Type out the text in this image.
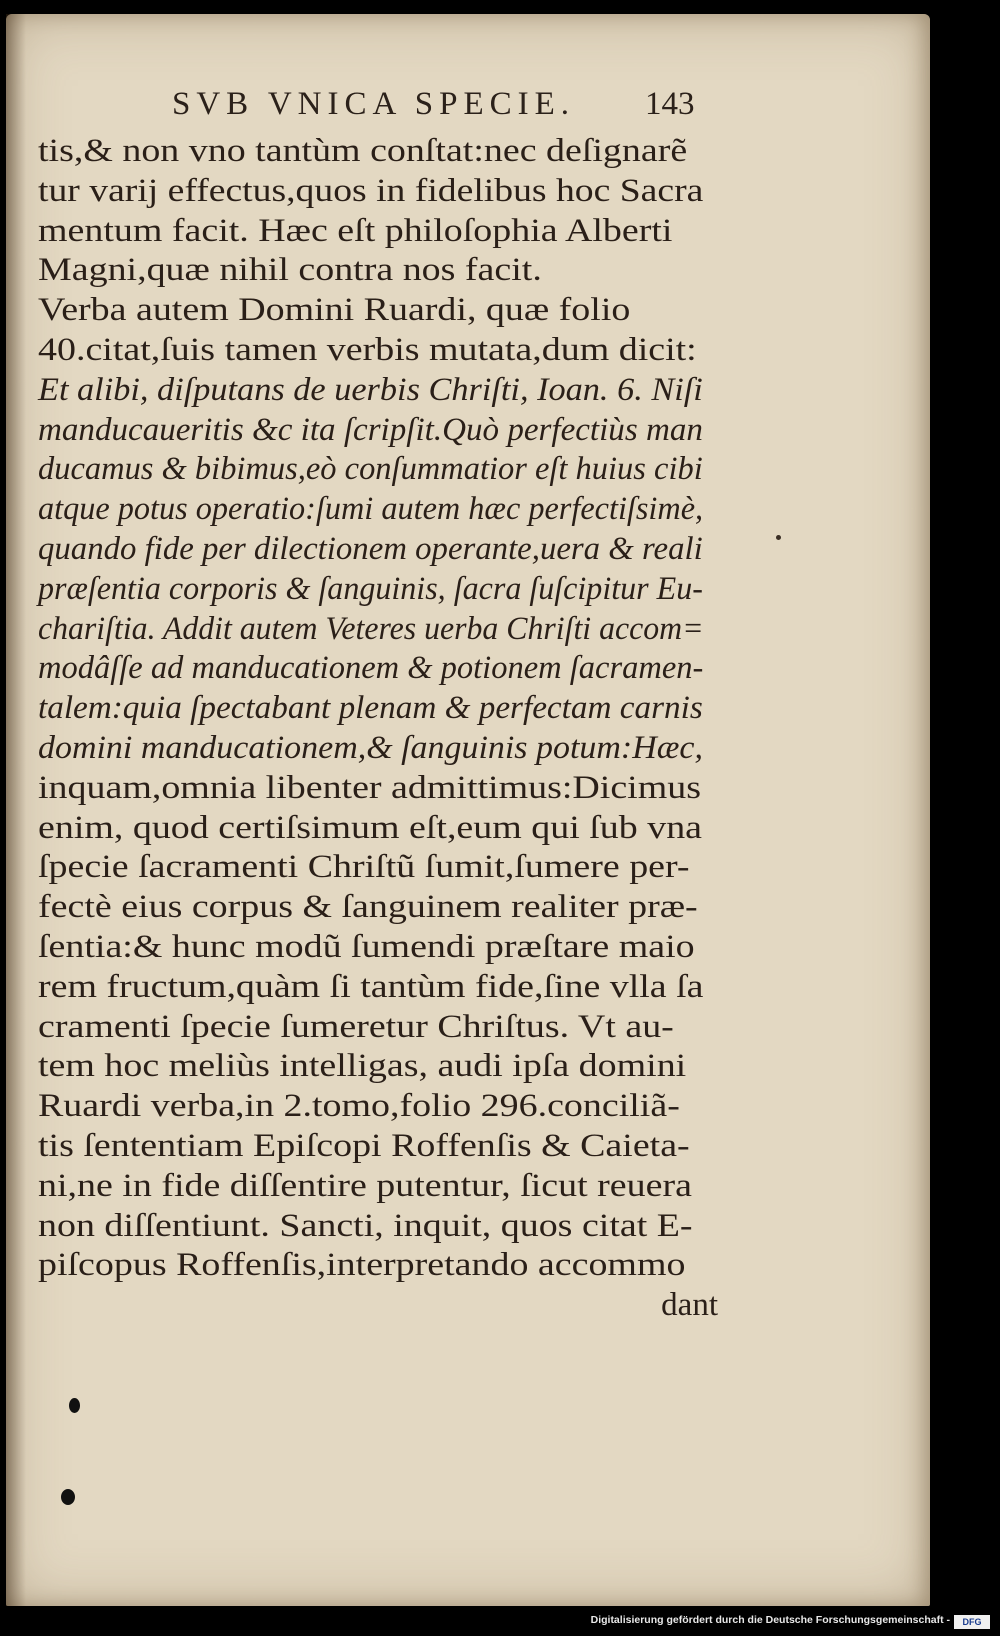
SVB VNICA SPECIE. 143
tis,& non vno tantùm conſtat:nec deſignarẽ
tur varij effectus,quos in fidelibus hoc Sacra
mentum facit. Hæc eſt philoſophia Alberti
Magni,quæ nihil contra nos facit.
Verba autem Domini Ruardi, quæ folio
40.citat,ſuis tamen verbis mutata,dum dicit:
Et alibi, diſputans de uerbis Chriſti, Ioan. 6. Niſi
manducaueritis &c ita ſcripſit.Quò perfectiùs man
ducamus & bibimus,eò conſummatior eſt huius cibi
atque potus operatio:ſumi autem hæc perfectiſsimè,
quando fide per dilectionem operante,uera & reali
præſentia corporis & ſanguinis, ſacra ſuſcipitur Eu-
chariſtia. Addit autem Veteres uerba Chriſti accom=
modâſſe ad manducationem & potionem ſacramen-
talem:quia ſpectabant plenam & perfectam carnis
domini manducationem,& ſanguinis potum:Hæc,
inquam,omnia libenter admittimus:Dicimus
enim, quod certiſsimum eſt,eum qui ſub vna
ſpecie ſacramenti Chriſtũ ſumit,ſumere per-
fectè eius corpus & ſanguinem realiter præ-
ſentia:& hunc modũ ſumendi præſtare maio
rem fructum,quàm ſi tantùm fide,ſine vlla ſa
cramenti ſpecie ſumeretur Chriſtus. Vt au-
tem hoc meliùs intelligas, audi ipſa domini
Ruardi verba,in 2.tomo,folio 296.conciliã-
tis ſententiam Epiſcopi Roffenſis & Caieta-
ni,ne in fide diſſentire putentur, ſicut reuera
non diſſentiunt. Sancti, inquit, quos citat E-
piſcopus Roffenſis,interpretando accommo
dant
Digitalisierung gefördert durch die Deutsche Forschungsgemeinschaft -	DFG
